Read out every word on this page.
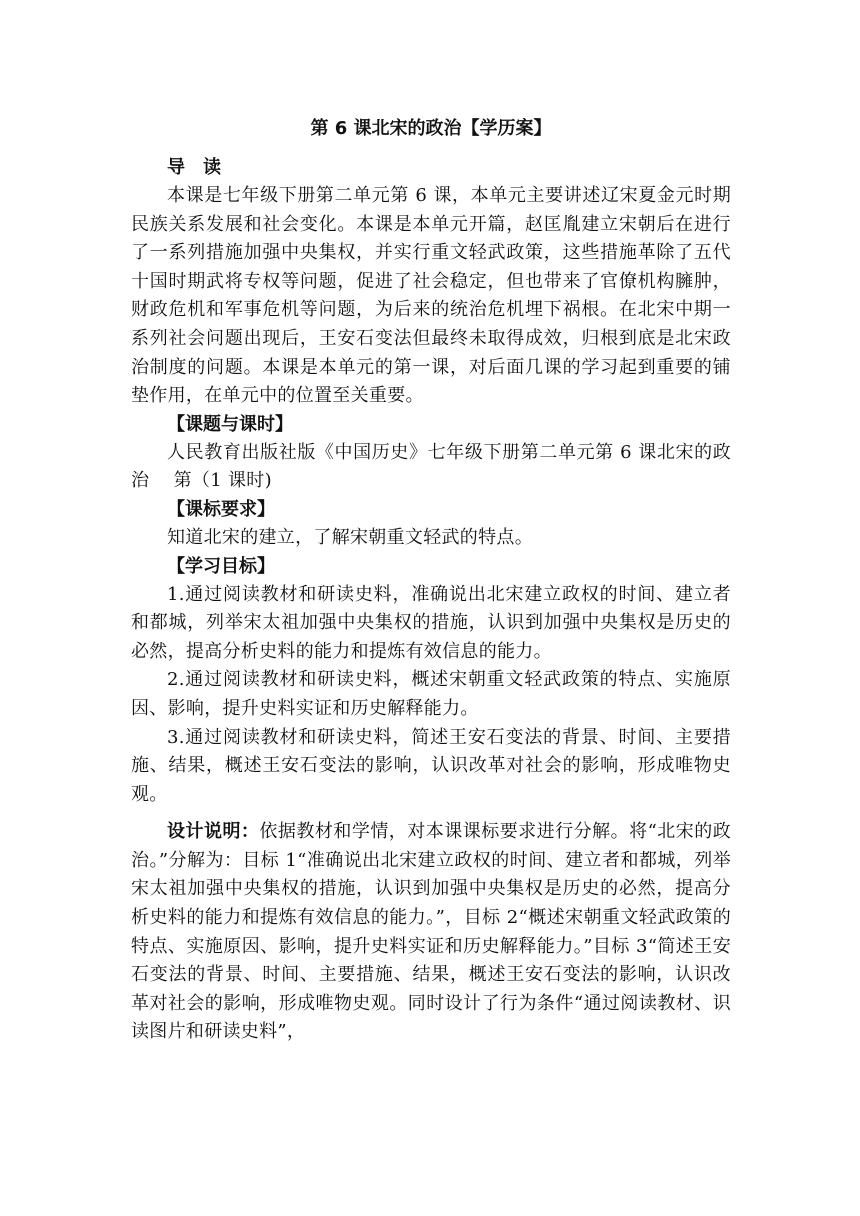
第 6 课北宋的政治【学历案】

导　读

本课是七年级下册第二单元第 6 课，本单元主要讲述辽宋夏金元时期民族关系发展和社会变化。本课是本单元开篇，赵匡胤建立宋朝后在进行了一系列措施加强中央集权，并实行重文轻武政策，这些措施革除了五代十国时期武将专权等问题，促进了社会稳定，但也带来了官僚机构臃肿，财政危机和军事危机等问题，为后来的统治危机埋下祸根。在北宋中期一系列社会问题出现后，王安石变法但最终未取得成效，归根到底是北宋政治制度的问题。本课是本单元的第一课，对后面几课的学习起到重要的铺垫作用，在单元中的位置至关重要。

【课题与课时】

人民教育出版社版《中国历史》七年级下册第二单元第 6 课北宋的政治　 第（1 课时)

【课标要求】

知道北宋的建立，了解宋朝重文轻武的特点。

【学习目标】

1.通过阅读教材和研读史料，准确说出北宋建立政权的时间、建立者和都城，列举宋太祖加强中央集权的措施，认识到加强中央集权是历史的必然，提高分析史料的能力和提炼有效信息的能力。

2.通过阅读教材和研读史料，概述宋朝重文轻武政策的特点、实施原因、影响，提升史料实证和历史解释能力。

3.通过阅读教材和研读史料，简述王安石变法的背景、时间、主要措施、结果，概述王安石变法的影响，认识改革对社会的影响，形成唯物史观。

设计说明：依据教材和学情，对本课课标要求进行分解。将“北宋的政治。”分解为：目标 1“准确说出北宋建立政权的时间、建立者和都城，列举宋太祖加强中央集权的措施，认识到加强中央集权是历史的必然，提高分析史料的能力和提炼有效信息的能力。”，目标 2“概述宋朝重文轻武政策的特点、实施原因、影响，提升史料实证和历史解释能力。”目标 3“简述王安石变法的背景、时间、主要措施、结果，概述王安石变法的影响，认识改革对社会的影响，形成唯物史观。同时设计了行为条件“通过阅读教材、识读图片和研读史料”，
